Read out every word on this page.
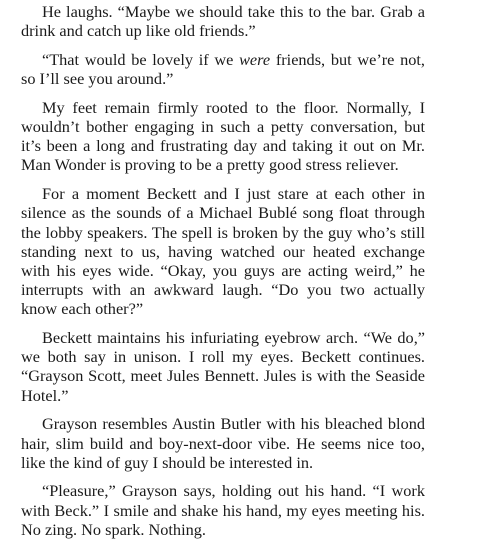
He laughs. “Maybe we should take this to the bar. Grab a drink and catch up like old friends.”

“That would be lovely if we were friends, but we’re not, so I’ll see you around.”

My feet remain firmly rooted to the floor. Normally, I wouldn’t bother engaging in such a petty conversation, but it’s been a long and frustrating day and taking it out on Mr. Man Wonder is proving to be a pretty good stress reliever.

For a moment Beckett and I just stare at each other in silence as the sounds of a Michael Bublé song float through the lobby speakers. The spell is broken by the guy who’s still standing next to us, having watched our heated exchange with his eyes wide. “Okay, you guys are acting weird,” he interrupts with an awkward laugh. “Do you two actually know each other?”

Beckett maintains his infuriating eyebrow arch. “We do,” we both say in unison. I roll my eyes. Beckett continues. “Grayson Scott, meet Jules Bennett. Jules is with the Seaside Hotel.”

Grayson resembles Austin Butler with his bleached blond hair, slim build and boy-next-door vibe. He seems nice too, like the kind of guy I should be interested in.

“Pleasure,” Grayson says, holding out his hand. “I work with Beck.” I smile and shake his hand, my eyes meeting his. No zing. No spark. Nothing.
